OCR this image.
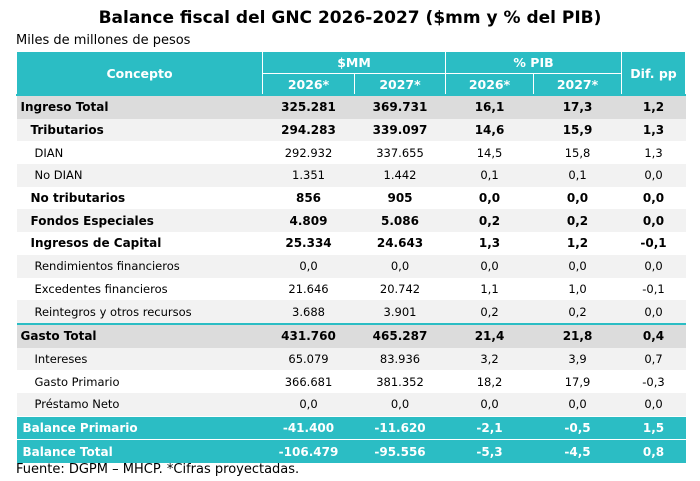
Balance fiscal del GNC 2026-2027 ($mm y % del PIB)
Miles de millones de pesos
Concepto	$MM		% PIB		Dif. pp
	2026*	2027*	2026*	2027*	
Ingreso Total	325.281	369.731	16,1	17,3	1,2
Tributarios	294.283	339.097	14,6	15,9	1,3
DIAN	292.932	337.655	14,5	15,8	1,3
No DIAN	1.351	1.442	0,1	0,1	0,0
No tributarios	856	905	0,0	0,0	0,0
Fondos Especiales	4.809	5.086	0,2	0,2	0,0
Ingresos de Capital	25.334	24.643	1,3	1,2	-0,1
Rendimientos financieros	0,0	0,0	0,0	0,0	0,0
Excedentes financieros	21.646	20.742	1,1	1,0	-0,1
Reintegros y otros recursos	3.688	3.901	0,2	0,2	0,0
Gasto Total	431.760	465.287	21,4	21,8	0,4
Intereses	65.079	83.936	3,2	3,9	0,7
Gasto Primario	366.681	381.352	18,2	17,9	-0,3
Préstamo Neto	0,0	0,0	0,0	0,0	0,0
Balance Primario	-41.400	-11.620	-2,1	-0,5	1,5
Balance Total	-106.479	-95.556	-5,3	-4,5	0,8
Fuente: DGPM – MHCP. *Cifras proyectadas.
